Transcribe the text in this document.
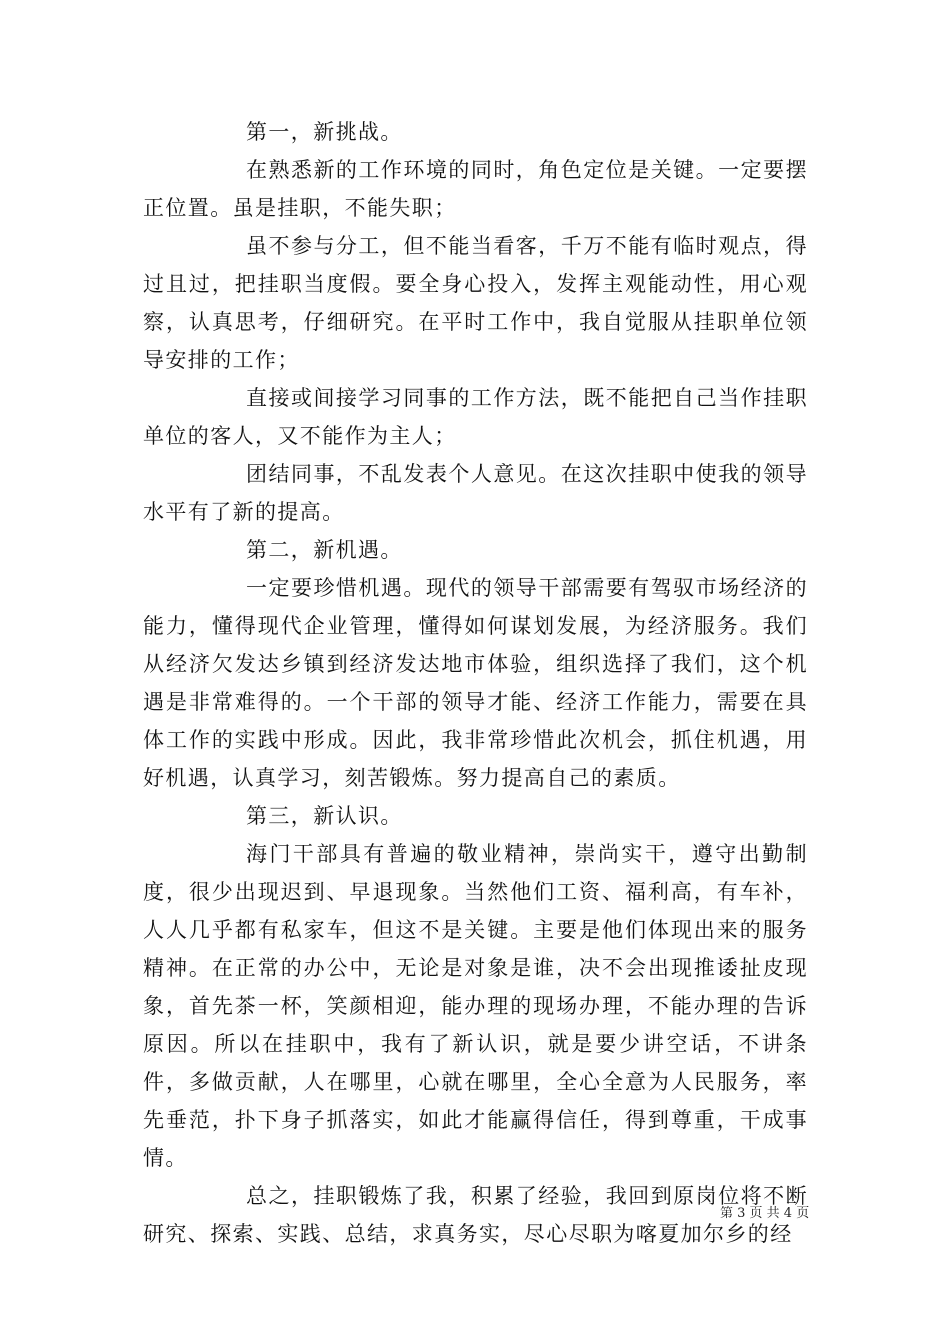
第一，新挑战。

在熟悉新的工作环境的同时，角色定位是关键。一定要摆正位置。虽是挂职，不能失职；

虽不参与分工，但不能当看客，千万不能有临时观点，得过且过，把挂职当度假。要全身心投入，发挥主观能动性，用心观察，认真思考，仔细研究。在平时工作中，我自觉服从挂职单位领导安排的工作；

直接或间接学习同事的工作方法，既不能把自己当作挂职单位的客人，又不能作为主人；

团结同事，不乱发表个人意见。在这次挂职中使我的领导水平有了新的提高。

第二，新机遇。

一定要珍惜机遇。现代的领导干部需要有驾驭市场经济的能力，懂得现代企业管理，懂得如何谋划发展，为经济服务。我们从经济欠发达乡镇到经济发达地市体验，组织选择了我们，这个机遇是非常难得的。一个干部的领导才能、经济工作能力，需要在具体工作的实践中形成。因此，我非常珍惜此次机会，抓住机遇，用好机遇，认真学习，刻苦锻炼。努力提高自己的素质。

第三，新认识。

海门干部具有普遍的敬业精神，崇尚实干，遵守出勤制度，很少出现迟到、早退现象。当然他们工资、福利高，有车补，人人几乎都有私家车，但这不是关键。主要是他们体现出来的服务精神。在正常的办公中，无论是对象是谁，决不会出现推诿扯皮现象，首先茶一杯，笑颜相迎，能办理的现场办理，不能办理的告诉原因。所以在挂职中，我有了新认识，就是要少讲空话，不讲条件，多做贡献，人在哪里，心就在哪里，全心全意为人民服务，率先垂范，扑下身子抓落实，如此才能赢得信任，得到尊重，干成事情。

总之，挂职锻炼了我，积累了经验，我回到原岗位将不断研究、探索、实践、总结，求真务实，尽心尽职为喀夏加尔乡的经

第 3 页 共 4 页
